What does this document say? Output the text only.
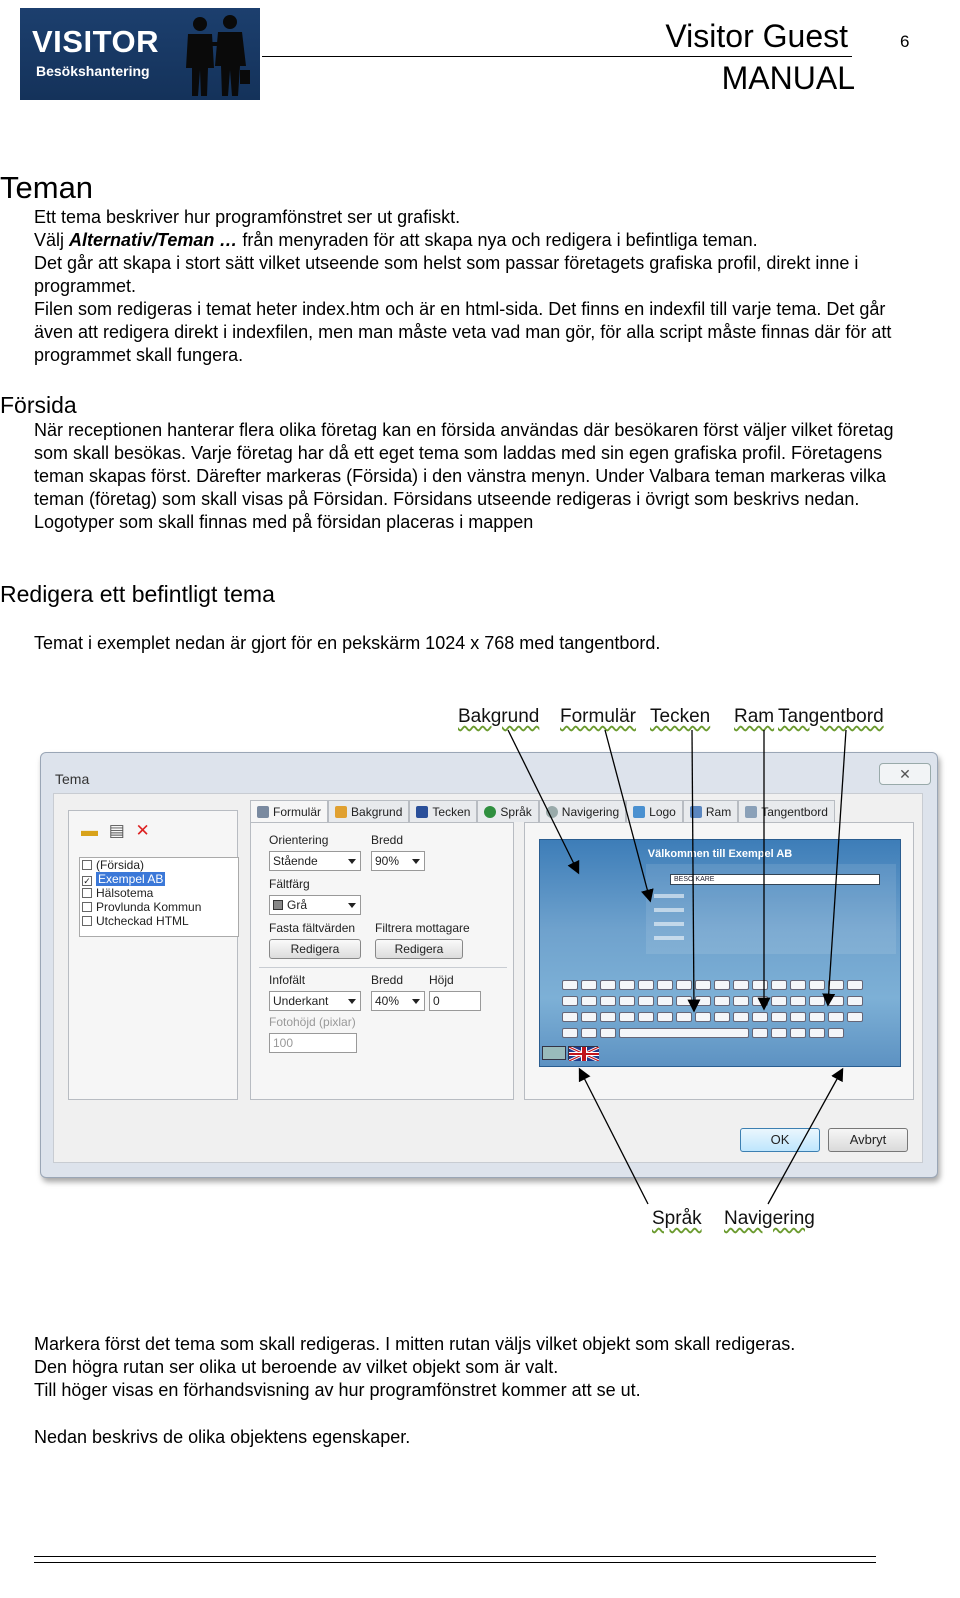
VISITOR
Besökshantering
Visitor Guest
MANUAL
6
Teman

Ett tema beskriver hur programfönstret ser ut grafiskt.

Välj Alternativ/Teman … från menyraden för att skapa nya och redigera i befintliga teman.

Det går att skapa i stort sätt vilket utseende som helst som passar företagets grafiska profil, direkt inne i programmet.

Filen som redigeras i temat heter index.htm och är en html-sida. Det finns en indexfil till varje tema. Det går även att redigera direkt i indexfilen, men man måste veta vad man gör, för alla script måste finnas där för att programmet skall fungera.

Försida
När receptionen hanterar flera olika företag kan en försida användas där besökaren först väljer vilket företag som skall besökas. Varje företag har då ett eget tema som laddas med sin egen grafiska profil. Företagens teman skapas först. Därefter markeras (Försida) i den vänstra menyn. Under Valbara teman markeras vilka teman (företag) som skall visas på Försidan. Försidans utseende redigeras i övrigt som beskrivs nedan. Logotyper som skall finnas med på försidan placeras i mappen
Redigera ett befintligt tema
Temat i exemplet nedan är gjort för en pekskärm 1024 x 768 med tangentbord.
Bakgrund Formulär Tecken Ram Tangentbord
Språk Navigering
Tema	✕
▬ ▤ ✕
(Försida)
✓ Exempel AB
Hälsotema
Provlunda Kommun
Utcheckad HTML
Formulär	Bakgrund	Tecken	Språk	Navigering	Logo	Ram	Tangentbord
Orientering	Bredd
Stående	90%
Fältfärg
Grå
Fasta fältvärden Filtrera mottagare
Redigera	Redigera
Infofält	Bredd Höjd
Underkant	40%	0
Fotohöjd (pixlar)
100
Välkommen till Exempel AB
BESÖ KARE
OK	Avbryt

Markera först det tema som skall redigeras. I mitten rutan väljs vilket objekt som skall redigeras.

Den högra rutan ser olika ut beroende av vilket objekt som är valt.

Till höger visas en förhandsvisning av hur programfönstret kommer att se ut.

Nedan beskrivs de olika objektens egenskaper.
